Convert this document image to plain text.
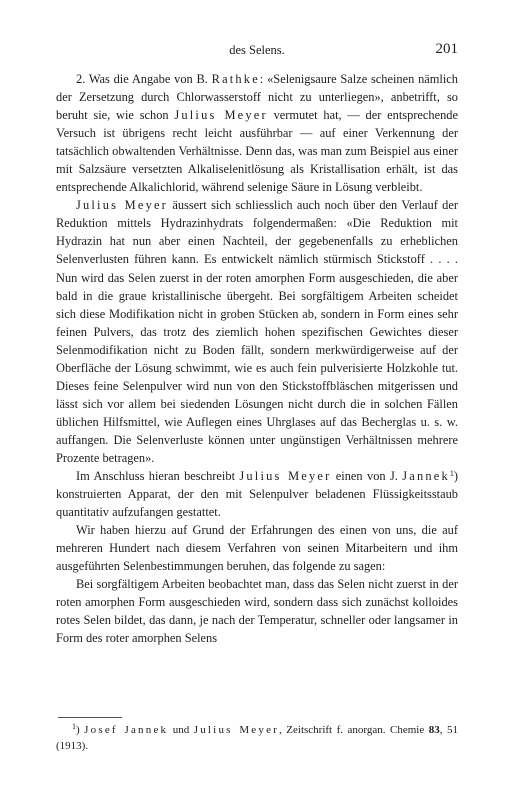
des Selens.	201

2. Was die Angabe von B. Rathke: «Selenigsaure Salze scheinen nämlich der Zersetzung durch Chlorwasserstoff nicht zu unterliegen», anbetrifft, so beruht sie, wie schon Julius Meyer vermutet hat, — der entsprechende Versuch ist übrigens recht leicht ausführbar — auf einer Verkennung der tatsächlich obwaltenden Verhältnisse. Denn das, was man zum Beispiel aus einer mit Salzsäure versetzten Alkaliselenitlösung als Kristallisation erhält, ist das entsprechende Alkalichlorid, während selenige Säure in Lösung verbleibt.

Julius Meyer äussert sich schliesslich auch noch über den Verlauf der Reduktion mittels Hydrazinhydrats folgendermaßen: «Die Reduktion mit Hydrazin hat nun aber einen Nachteil, der gegebenenfalls zu erheblichen Selenverlusten führen kann. Es entwickelt nämlich stürmisch Stickstoff . . . . Nun wird das Selen zuerst in der roten amorphen Form ausgeschieden, die aber bald in die graue kristallinische übergeht. Bei sorgfältigem Arbeiten scheidet sich diese Modifikation nicht in groben Stücken ab, sondern in Form eines sehr feinen Pulvers, das trotz des ziemlich hohen spezifischen Gewichtes dieser Selenmodifikation nicht zu Boden fällt, sondern merkwürdigerweise auf der Oberfläche der Lösung schwimmt, wie es auch fein pulverisierte Holzkohle tut. Dieses feine Selenpulver wird nun von den Stickstoffbläschen mitgerissen und lässt sich vor allem bei siedenden Lösungen nicht durch die in solchen Fällen üblichen Hilfsmittel, wie Auflegen eines Uhrglases auf das Becherglas u. s. w. auffangen. Die Selenverluste können unter ungünstigen Verhältnissen mehrere Prozente betragen».

Im Anschluss hieran beschreibt Julius Meyer einen von J. Jannek$^1$) konstruierten Apparat, der den mit Selenpulver beladenen Flüssigkeitsstaub quantitativ aufzufangen gestattet.

Wir haben hierzu auf Grund der Erfahrungen des einen von uns, die auf mehreren Hundert nach diesem Verfahren von seinen Mitarbeitern und ihm ausgeführten Selenbestimmungen beruhen, das folgende zu sagen:

Bei sorgfältigem Arbeiten beobachtet man, dass das Selen nicht zuerst in der roten amorphen Form ausgeschieden wird, sondern dass sich zunächst kolloides rotes Selen bildet, das dann, je nach der Temperatur, schneller oder langsamer in Form des roter amorphen Selens

$^1$) Josef Jannek und Julius Meyer, Zeitschrift f. anorgan. Chemie 83, 51 (1913).
